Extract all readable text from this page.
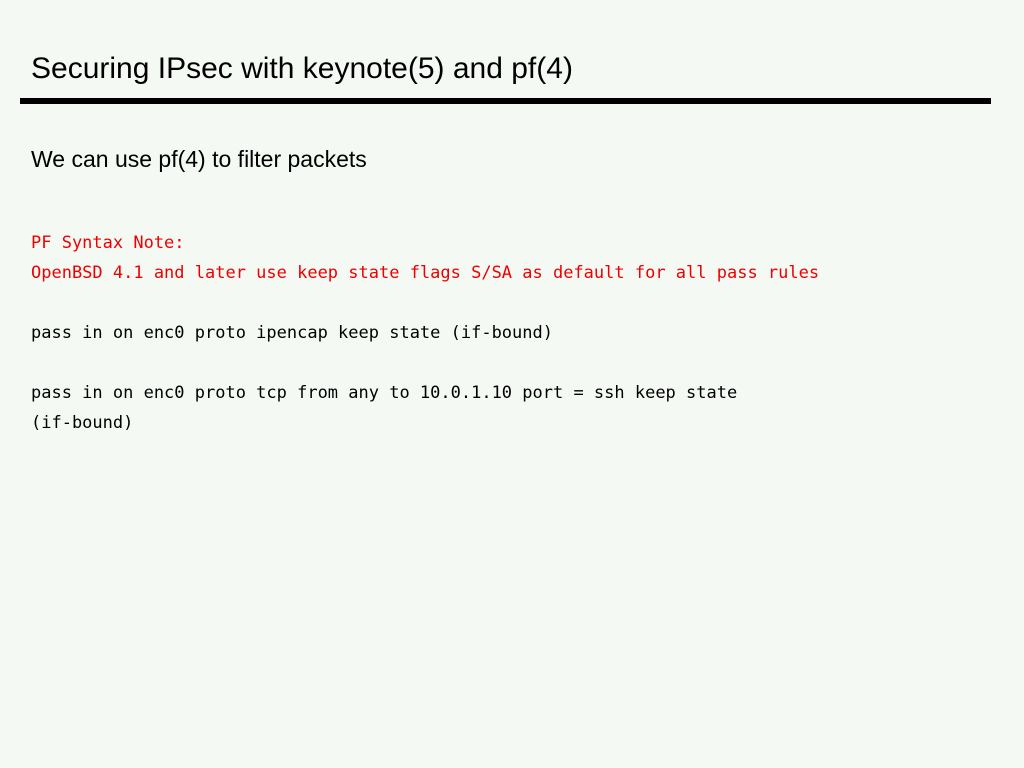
Securing IPsec with keynote(5) and pf(4)
We can use pf(4) to filter packets
PF Syntax Note:
OpenBSD 4.1 and later use keep state flags S/SA as default for all pass rules
pass in on enc0 proto ipencap keep state (if-bound)
pass in on enc0 proto tcp from any to 10.0.1.10 port = ssh keep state
(if-bound)
